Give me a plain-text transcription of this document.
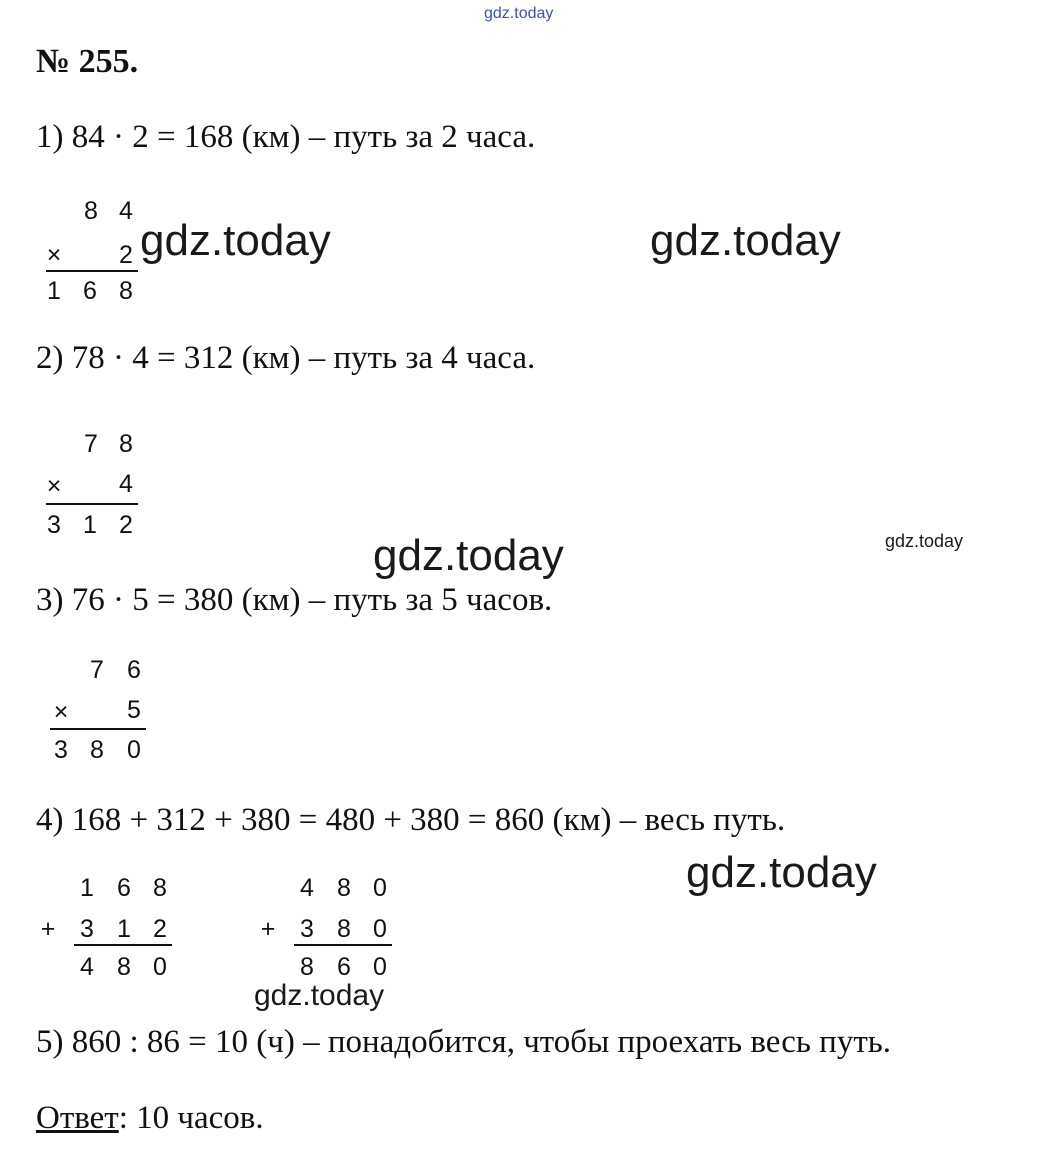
gdz.today
№ 255.
1) 84 · 2 = 168 (км) – путь за 2 часа.
8 4
× 2
1 6 8
gdz.today	gdz.today
2) 78 · 4 = 312 (км) – путь за 4 часа.
7 8
× 4
3 1 2
gdz.today
gdz.today
3) 76 · 5 = 380 (км) – путь за 5 часов.
7 6
× 5
3 8 0
4) 168 + 312 + 380 = 480 + 380 = 860 (км) – весь путь.
gdz.today
1 6 8
+ 3 1 2
4 8 0
4 8 0
+ 3 8 0
8 6 0
gdz.today
5) 860 : 86 = 10 (ч) – понадобится, чтобы проехать весь путь.
Ответ: 10 часов.
